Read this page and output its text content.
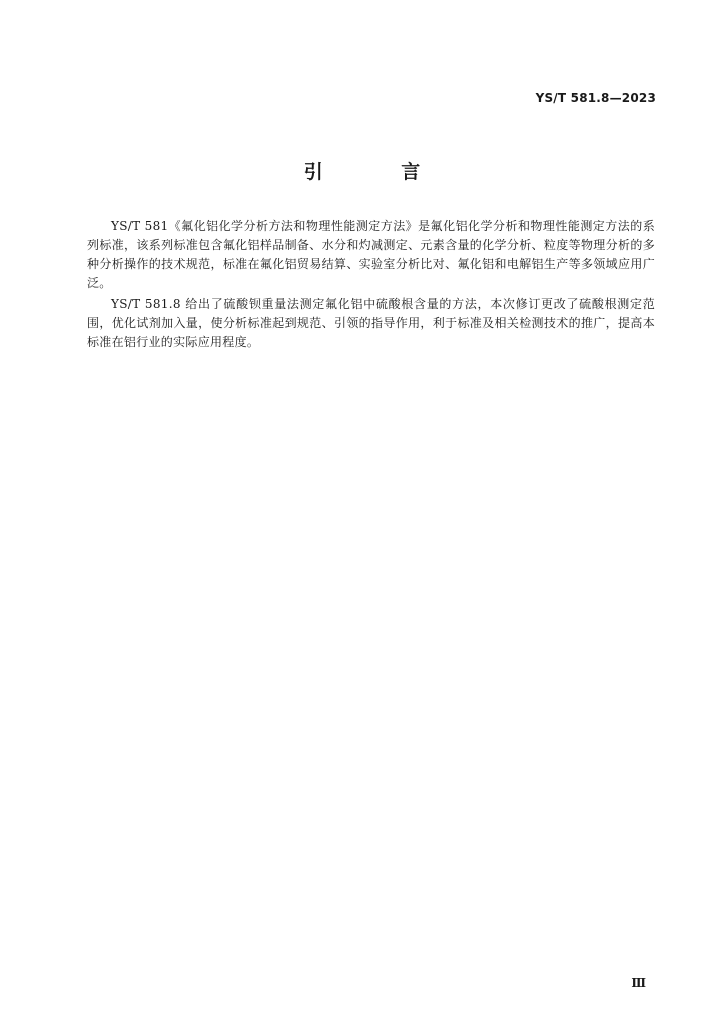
YS/T 581.8—2023
引 言

YS/T 581《氟化铝化学分析方法和物理性能测定方法》是氟化铝化学分析和物理性能测定方法的系列标准，该系列标准包含氟化铝样品制备、水分和灼减测定、元素含量的化学分析、粒度等物理分析的多种分析操作的技术规范，标准在氟化铝贸易结算、实验室分析比对、氟化铝和电解铝生产等多领域应用广泛。

YS/T 581.8 给出了硫酸钡重量法测定氟化铝中硫酸根含量的方法，本次修订更改了硫酸根测定范围，优化试剂加入量，使分析标准起到规范、引领的指导作用，利于标准及相关检测技术的推广，提高本标准在铝行业的实际应用程度。

Ⅲ
